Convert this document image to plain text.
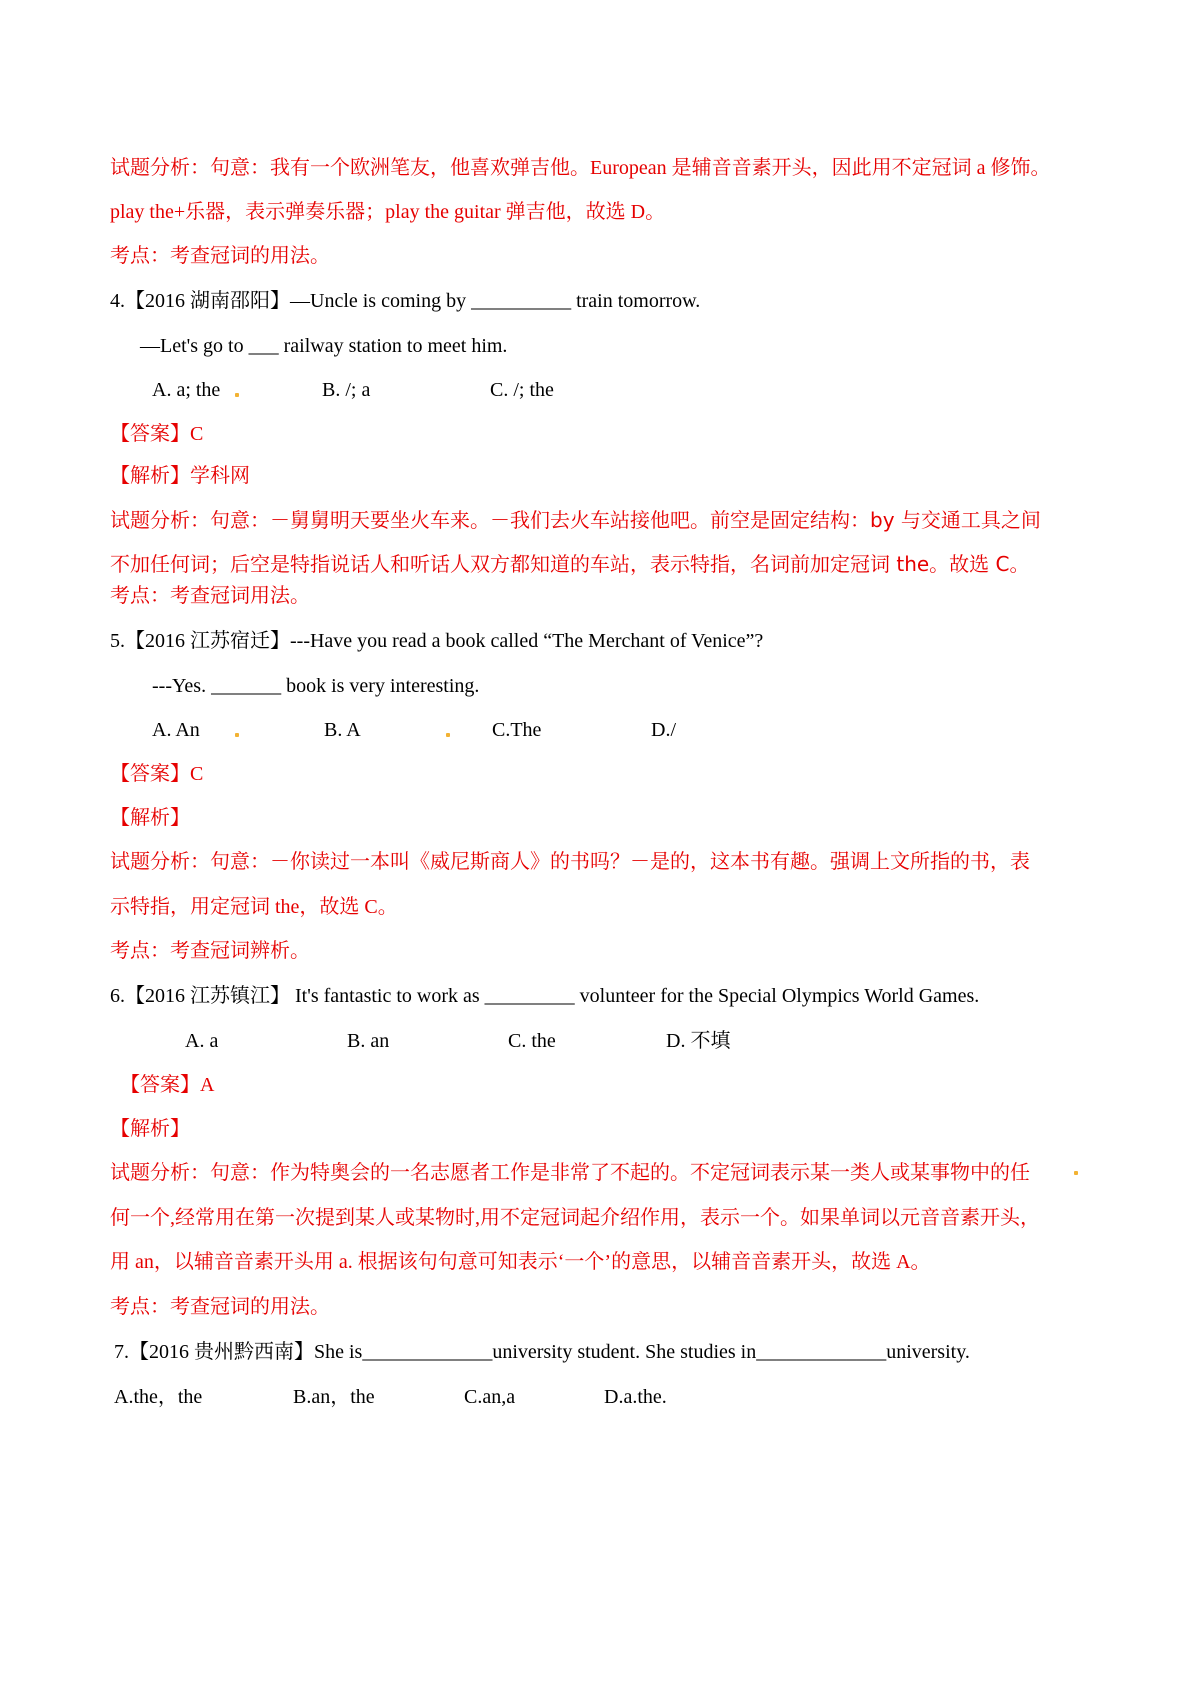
试题分析：句意：我有一个欧洲笔友，他喜欢弹吉他。European 是辅音音素开头，因此用不定冠词 a 修饰。
play the+乐器，表示弹奏乐器；play the guitar 弹吉他，故选 D。
考点：考查冠词的用法。
4.【2016 湖南邵阳】—Uncle is coming by __________ train tomorrow.
—Let's go to ___ railway station to meet him.
A. a; the	B. /; a	C. /; the
【答案】C
【解析】学科网
试题分析：句意：－舅舅明天要坐火车来。－我们去火车站接他吧。前空是固定结构：by 与交通工具之间
不加任何词；后空是特指说话人和听话人双方都知道的车站，表示特指，名词前加定冠词 the。故选 C。
考点：考查冠词用法。
5.【2016 江苏宿迁】---Have you read a book called “The Merchant of Venice”?
---Yes. _______ book is very interesting.
A. An	B. A	C.The	D./
【答案】C
【解析】
试题分析：句意：－你读过一本叫《威尼斯商人》的书吗？－是的，这本书有趣。强调上文所指的书，表
示特指，用定冠词 the，故选 C。
考点：考查冠词辨析。
6.【2016 江苏镇江】 It's fantastic to work as _________ volunteer for the Special Olympics World Games.
A. a	B. an	C. the	D. 不填
【答案】A
【解析】
试题分析：句意：作为特奥会的一名志愿者工作是非常了不起的。不定冠词表示某一类人或某事物中的任
何一个,经常用在第一次提到某人或某物时,用不定冠词起介绍作用，表示一个。如果单词以元音音素开头，
用 an，以辅音音素开头用 a. 根据该句句意可知表示‘一个’的意思，以辅音音素开头，故选 A。
考点：考查冠词的用法。
7.【2016 贵州黔西南】She is_____________university student. She studies in_____________university.
A.the，the	B.an，the	C.an,a	D.a.the.
